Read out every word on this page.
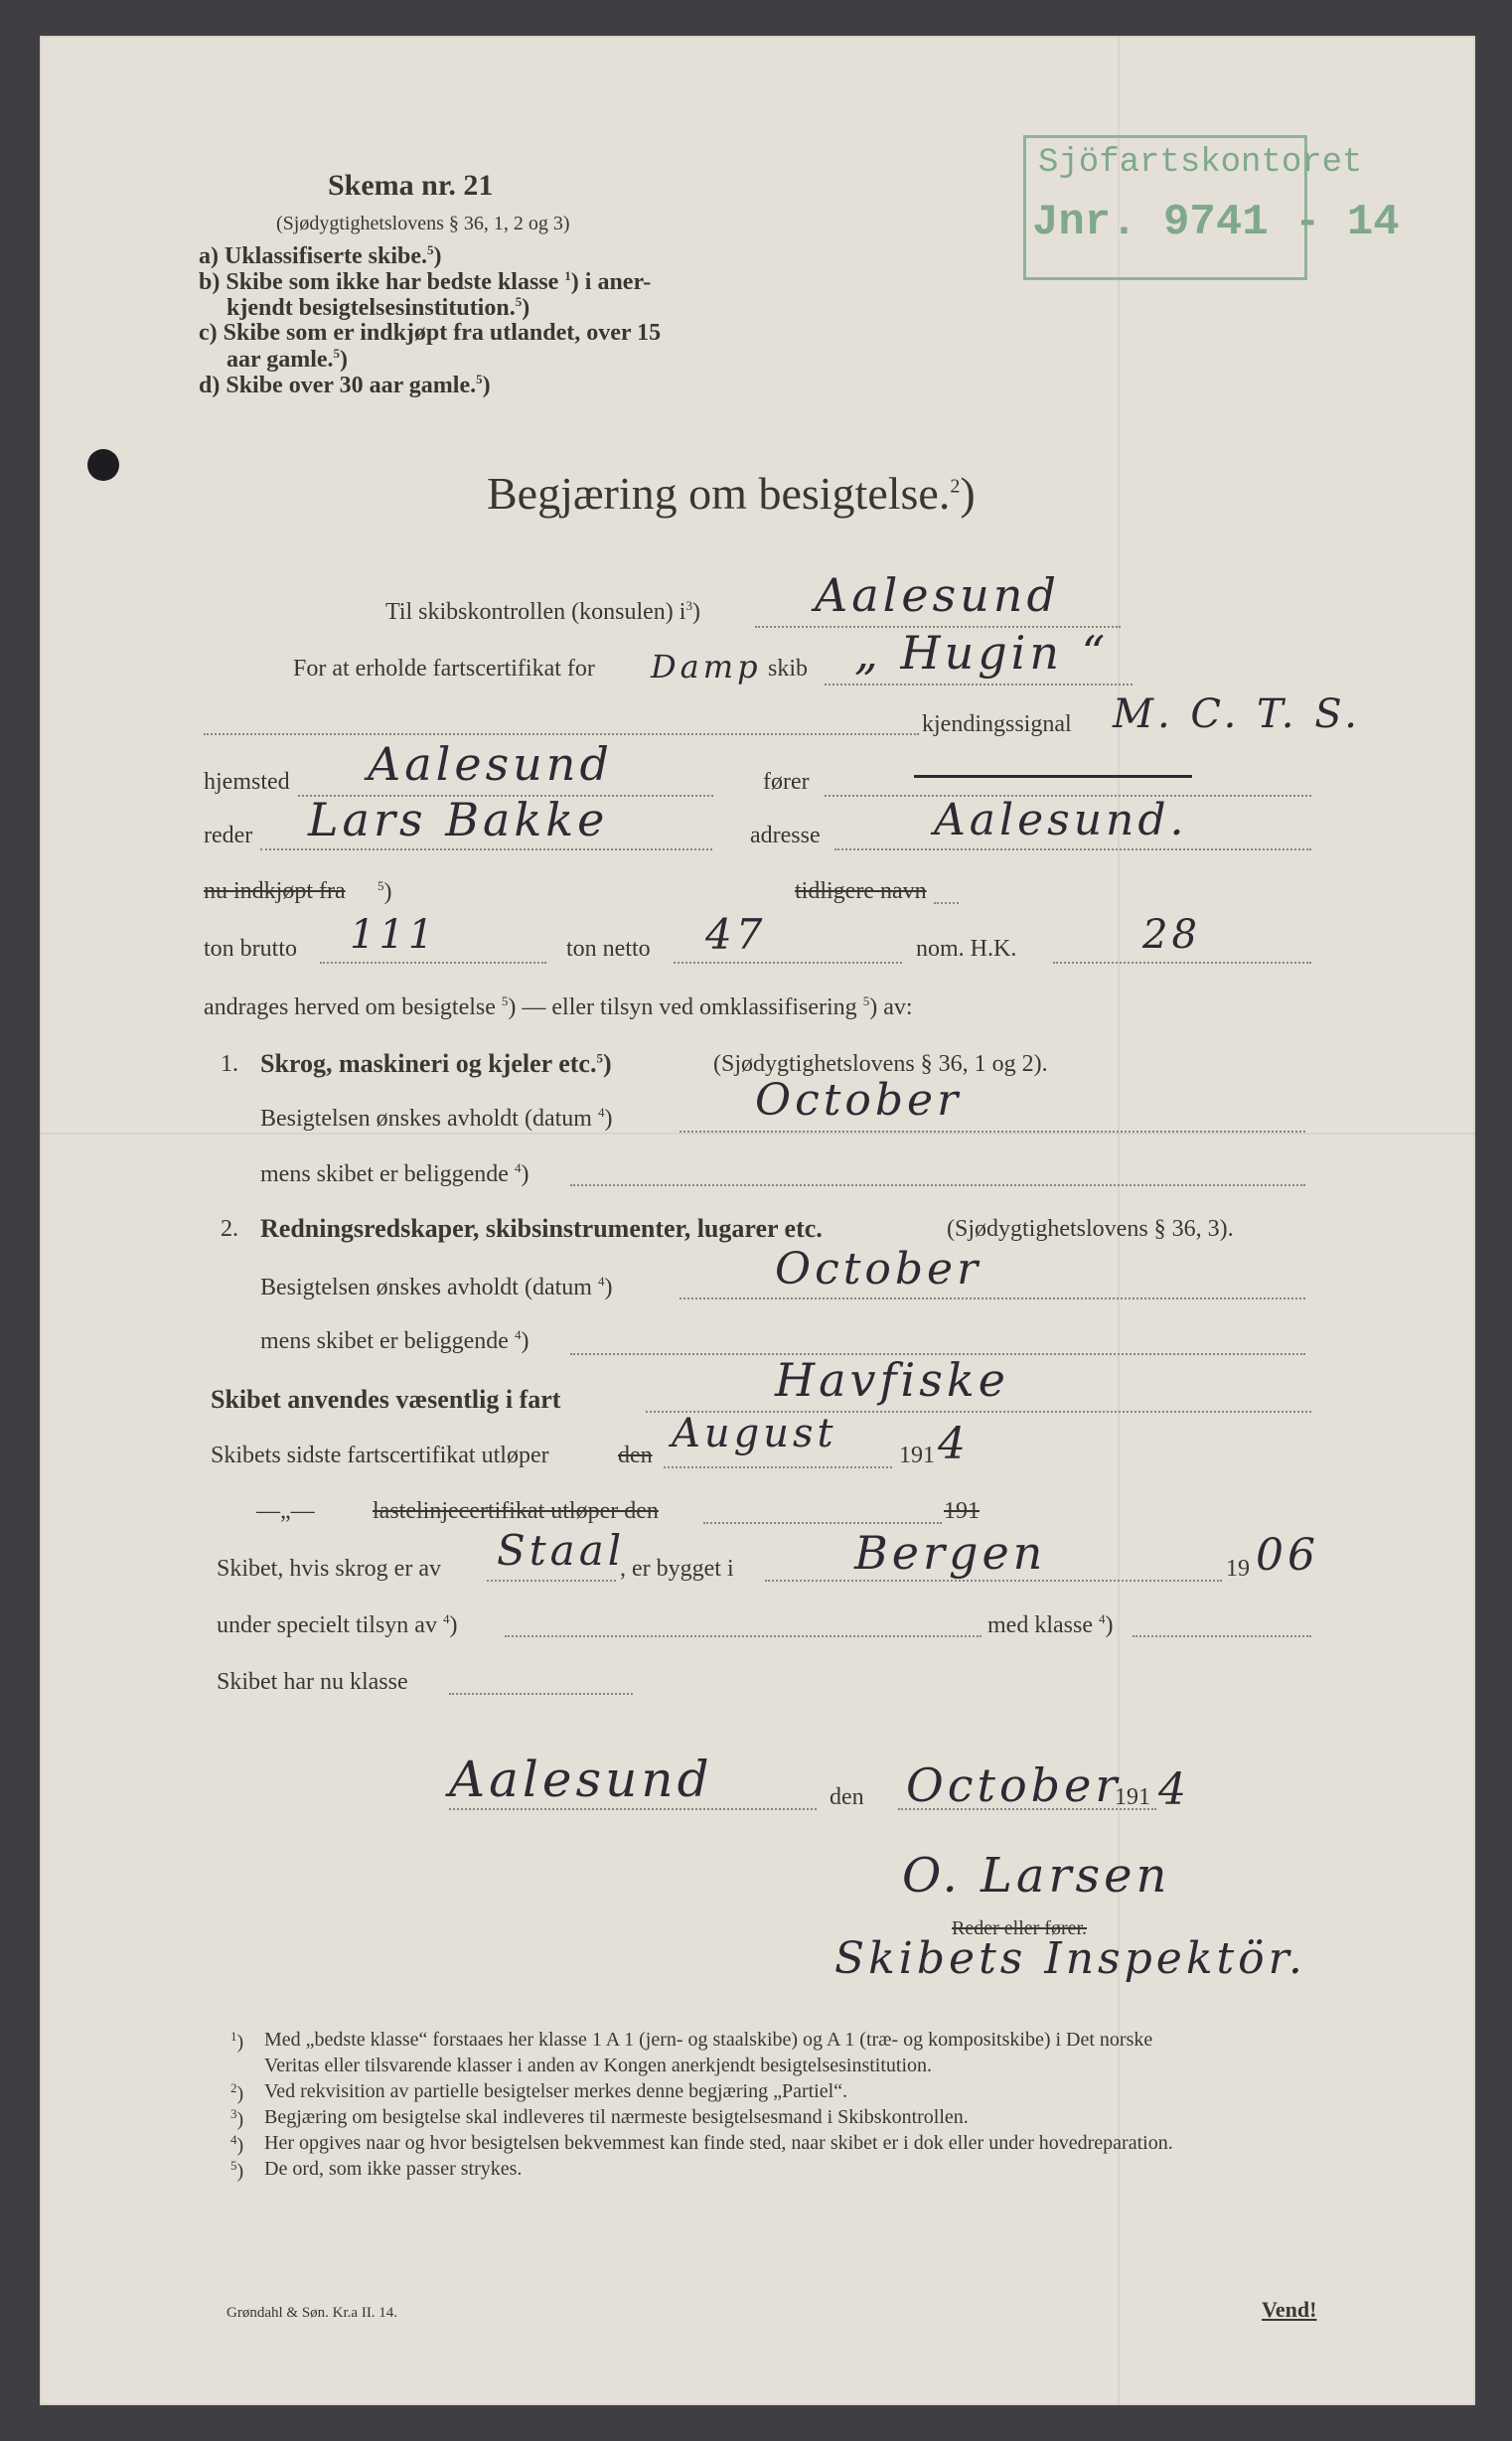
Skema nr. 21
(Sjødygtighetslovens § 36, 1, 2 og 3)
a) Uklassifiserte skibe.$^5$)
b) Skibe som ikke har bedste klasse $^1$) i aner-
kjendt besigtelsesinstitution.$^5$)
c) Skibe som er indkjøpt fra utlandet, over 15
aar gamle.$^5$)
d) Skibe over 30 aar gamle.$^5$)
Sjöfartskontoret
Jnr. 9741 - 14
Begjæring om besigtelse.$^2$)
Til skibskontrollen (konsulen) $i^3$)	Aalesund
For at erholde fartscertifikat for Damp skib „ Hugin “
kjendingssignal M. C. T. S.
hjemsted Aalesund	fører
reder Lars Bakke	adresse	Aalesund.
nu indkjøpt fra $^5$)	tidligere navn
ton brutto 111	ton netto 47	nom. H.K.	28
andrages herved om besigtelse $^5$) — eller tilsyn ved omklassifisering $^5$) av:
1. Skrog, maskineri og kjeler etc.$^5$)	(Sjødygtighetslovens § 36, 1 og 2).
Besigtelsen ønskes avholdt (datum $^4$)	October
mens skibet er beliggende $^4$)
2. Redningsredskaper, skibsinstrumenter, lugarer etc.	(Sjødygtighetslovens § 36, 3).
Besigtelsen ønskes avholdt (datum $^4$)	October
mens skibet er beliggende $^4$)
Skibet anvendes væsentlig i fart	Havfiske
Skibets sidste fartscertifikat utløper	den August	191 4
—„— lastelinjecertifikat utløper den	191
Skibet, hvis skrog er av Staal
, er bygget i	Bergen	19 06
under specielt tilsyn av $^4$)	med klasse $^4$)
Skibet har nu klasse
Aalesund	den October
191 4
O. Larsen
Reder eller fører.
Skibets Inspektör.
$^1$) Med „bedste klasse“ forstaaes her klasse 1 A 1 (jern- og staalskibe) og A 1 (træ- og kompositskibe) i Det norske
Veritas eller tilsvarende klasser i anden av Kongen anerkjendt besigtelsesinstitution.
$^2$) Ved rekvisition av partielle besigtelser merkes denne begjæring „Partiel“.
$^3$) Begjæring om besigtelse skal indleveres til nærmeste besigtelsesmand i Skibskontrollen.
$^4$) Her opgives naar og hvor besigtelsen bekvemmest kan finde sted, naar skibet er i dok eller under hovedreparation.
$^5$) De ord, som ikke passer strykes.
Grøndahl & Søn. Kr.a II. 14.	Vend!
